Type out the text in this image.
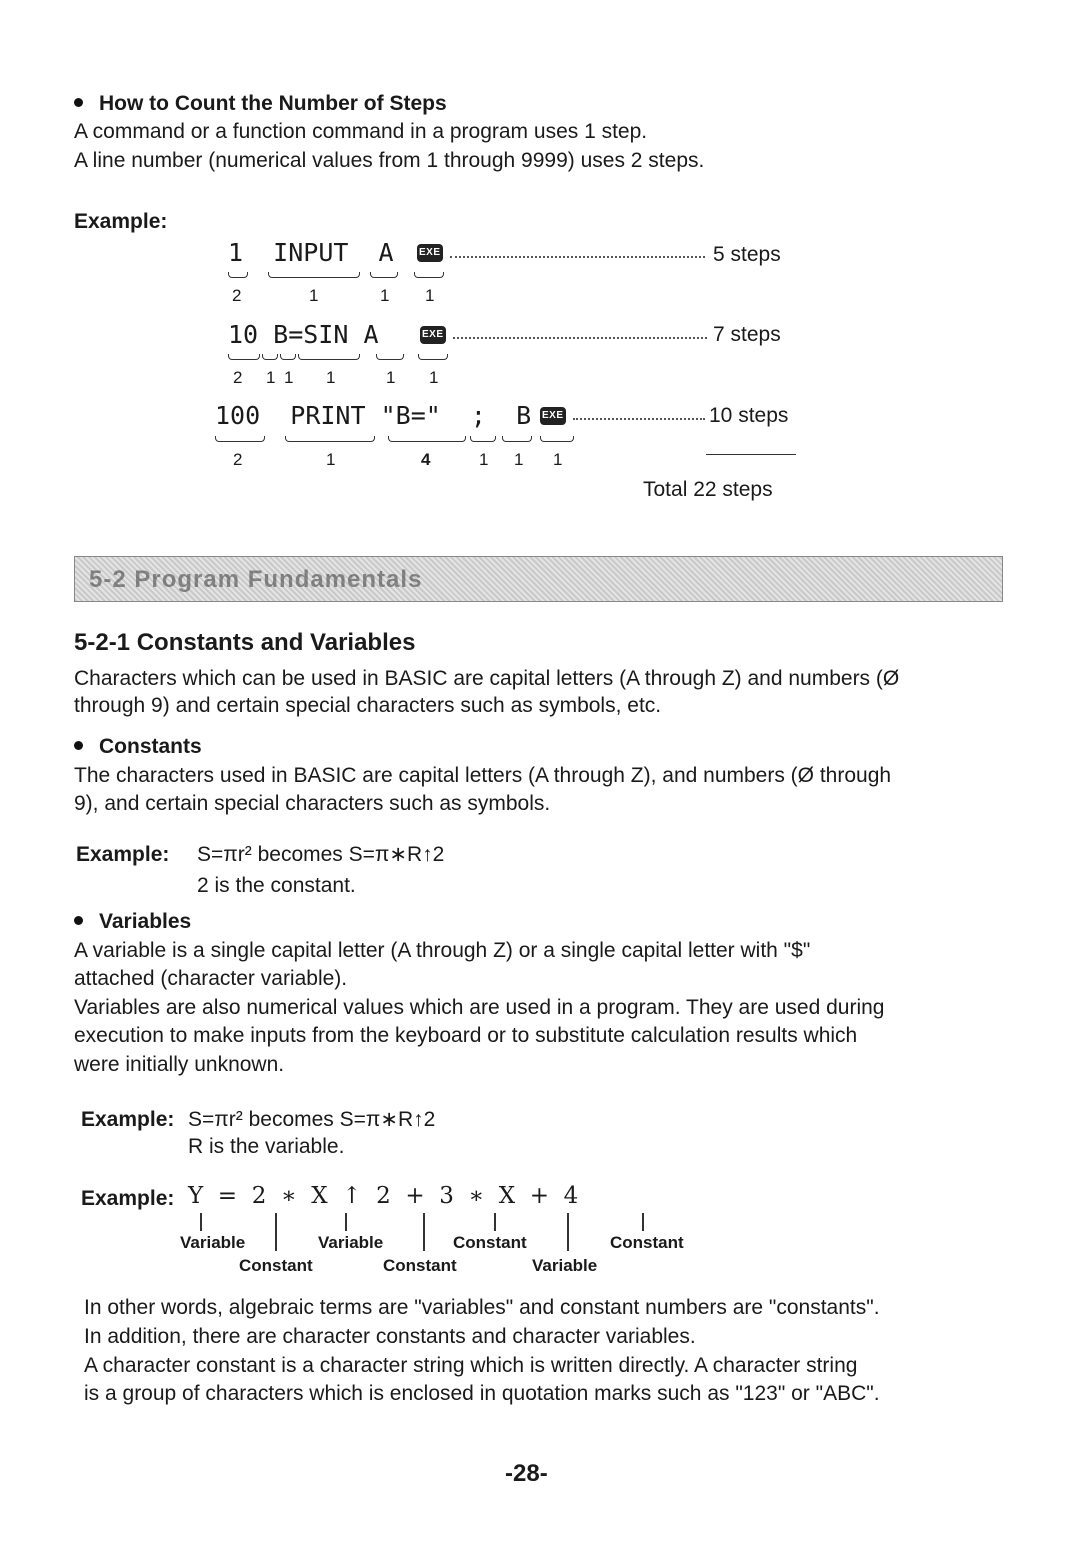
How to Count the Number of Steps
A command or a function command in a program uses 1 step.
A line number (numerical values from 1 through 9999) uses 2 steps.
Example:
1 INPUT A	EXE	5 steps
2	1	1 1
10 B=SIN A	EXE	7 steps
2 1 1 1	1 1
100 PRINT "B=" ; B EXE	10 steps
2	1	4	1 1 1
Total 22 steps
5-2 Program Fundamentals
5-2-1 Constants and Variables
Characters which can be used in BASIC are capital letters (A through Z) and numbers (Ø
through 9) and certain special characters such as symbols, etc.
Constants
The characters used in BASIC are capital letters (A through Z), and numbers (Ø through
9), and certain special characters such as symbols.
Example: S=πr² becomes S=π∗R↑2
2 is the constant.
Variables
A variable is a single capital letter (A through Z) or a single capital letter with "$"
attached (character variable).
Variables are also numerical values which are used in a program. They are used during
execution to make inputs from the keyboard or to substitute calculation results which
were initially unknown.
Example: S=πr² becomes S=π∗R↑2
R is the variable.
Example: Y  =  2  ∗  X  ↑  2  +  3  ∗  X  +  4
Variable	Variable	Constant	Constant
Constant	Constant	Variable
In other words, algebraic terms are "variables" and constant numbers are "constants".
In addition, there are character constants and character variables.
A character constant is a character string which is written directly. A character string
is a group of characters which is enclosed in quotation marks such as "123" or "ABC".
-28-
